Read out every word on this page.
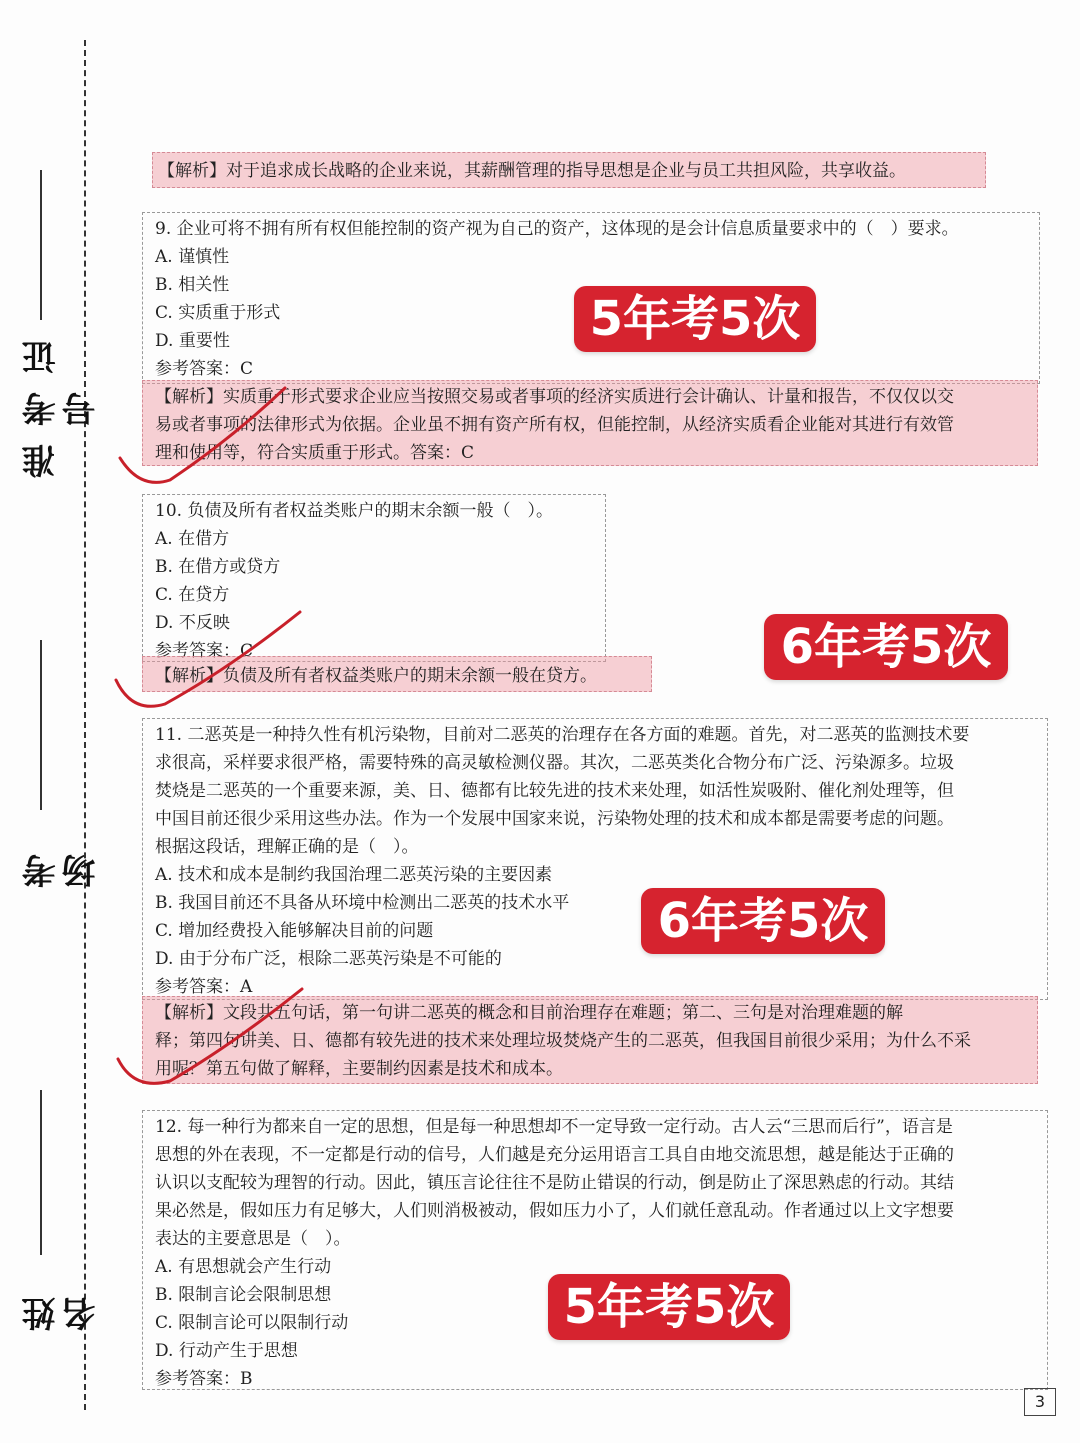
准考证号
考场
姓名
【解析】对于追求成长战略的企业来说，其薪酬管理的指导思想是企业与员工共担风险，共享收益。
9. 企业可将不拥有所有权但能控制的资产视为自己的资产，这体现的是会计信息质量要求中的（　）要求。
A. 谨慎性
B. 相关性
C. 实质重于形式
D. 重要性
参考答案：C
5年考5次
【解析】实质重于形式要求企业应当按照交易或者事项的经济实质进行会计确认、计量和报告，不仅仅以交
易或者事项的法律形式为依据。企业虽不拥有资产所有权，但能控制，从经济实质看企业能对其进行有效管
理和使用等，符合实质重于形式。答案：C
10. 负债及所有者权益类账户的期末余额一般（　）。
A. 在借方
B. 在借方或贷方
C. 在贷方
D. 不反映
参考答案：C	6年考5次
【解析】负债及所有者权益类账户的期末余额一般在贷方。
11. 二恶英是一种持久性有机污染物，目前对二恶英的治理存在各方面的难题。首先，对二恶英的监测技术要
求很高，采样要求很严格，需要特殊的高灵敏检测仪器。其次，二恶英类化合物分布广泛、污染源多。垃圾
焚烧是二恶英的一个重要来源，美、日、德都有比较先进的技术来处理，如活性炭吸附、催化剂处理等，但
中国目前还很少采用这些办法。作为一个发展中国家来说，污染物处理的技术和成本都是需要考虑的问题。
根据这段话，理解正确的是（　）。
A. 技术和成本是制约我国治理二恶英污染的主要因素
B. 我国目前还不具备从环境中检测出二恶英的技术水平
C. 增加经费投入能够解决目前的问题
D. 由于分布广泛，根除二恶英污染是不可能的
参考答案：A
6年考5次
【解析】文段共五句话，第一句讲二恶英的概念和目前治理存在难题；第二、三句是对治理难题的解
释；第四句讲美、日、德都有较先进的技术来处理垃圾焚烧产生的二恶英，但我国目前很少采用；为什么不采
用呢？第五句做了解释，主要制约因素是技术和成本。
12. 每一种行为都来自一定的思想，但是每一种思想却不一定导致一定行动。古人云“三思而后行”，语言是
思想的外在表现，不一定都是行动的信号，人们越是充分运用语言工具自由地交流思想，越是能达于正确的
认识以支配较为理智的行动。因此，镇压言论往往不是防止错误的行动，倒是防止了深思熟虑的行动。其结
果必然是，假如压力有足够大，人们则消极被动，假如压力小了，人们就任意乱动。作者通过以上文字想要
表达的主要意思是（　）。
A. 有思想就会产生行动
B. 限制言论会限制思想
C. 限制言论可以限制行动
D. 行动产生于思想
参考答案：B
5年考5次
3
